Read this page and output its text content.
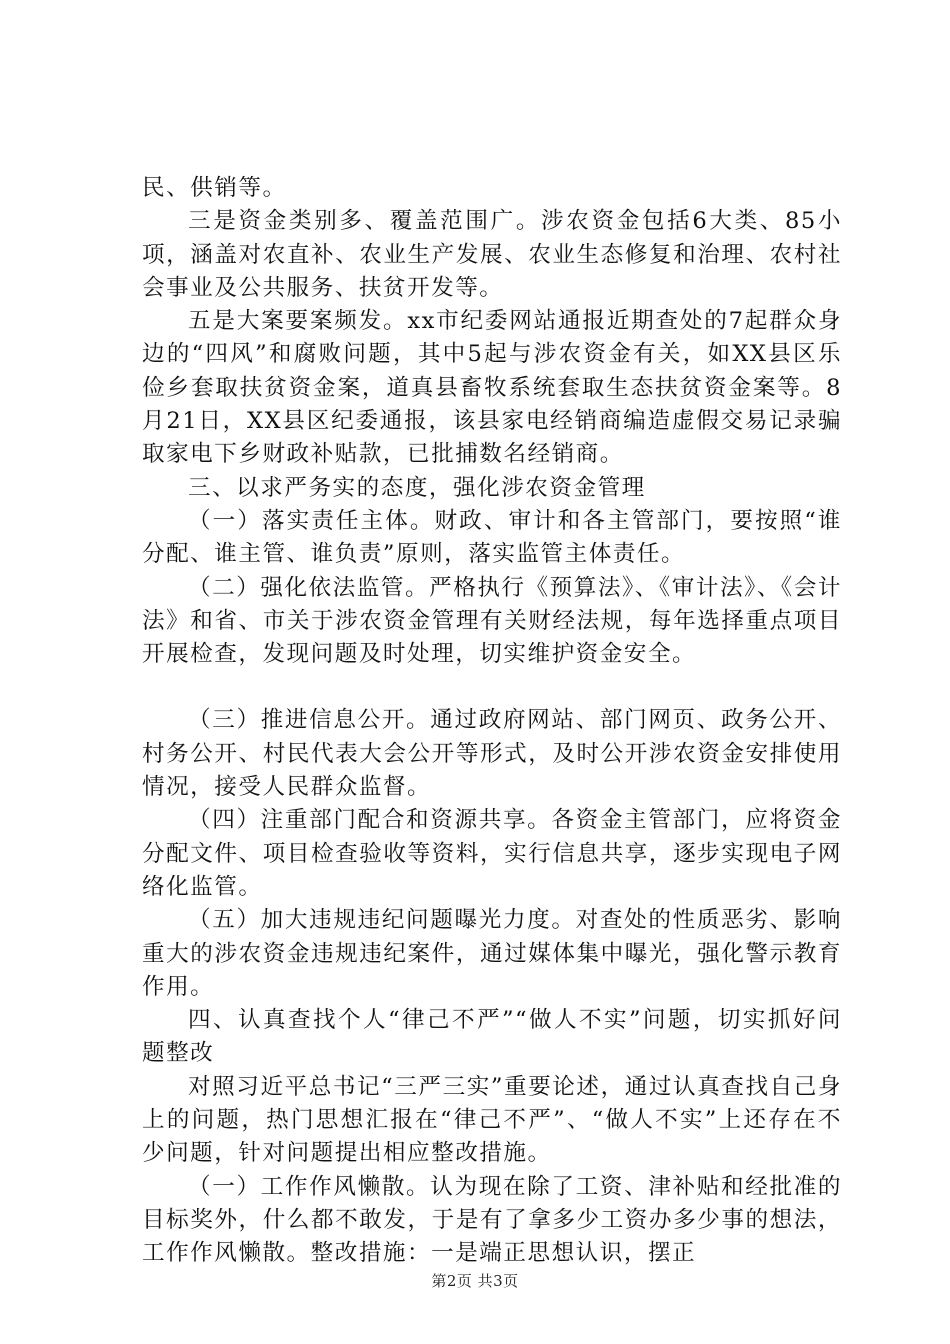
民、供销等。

三是资金类别多、覆盖范围广。涉农资金包括6大类、85小项，涵盖对农直补、农业生产发展、农业生态修复和治理、农村社会事业及公共服务、扶贫开发等。

五是大案要案频发。xx市纪委网站通报近期查处的7起群众身边的“四风”和腐败问题，其中5起与涉农资金有关，如XX县区乐俭乡套取扶贫资金案，道真县畜牧系统套取生态扶贫资金案等。8月21日，XX县区纪委通报，该县家电经销商编造虚假交易记录骗取家电下乡财政补贴款，已批捕数名经销商。

三、以求严务实的态度，强化涉农资金管理

（一）落实责任主体。财政、审计和各主管部门，要按照“谁分配、谁主管、谁负责”原则，落实监管主体责任。

（二）强化依法监管。严格执行《预算法》、《审计法》、《会计法》和省、市关于涉农资金管理有关财经法规，每年选择重点项目开展检查，发现问题及时处理，切实维护资金安全。

（三）推进信息公开。通过政府网站、部门网页、政务公开、村务公开、村民代表大会公开等形式，及时公开涉农资金安排使用情况，接受人民群众监督。

（四）注重部门配合和资源共享。各资金主管部门，应将资金分配文件、项目检查验收等资料，实行信息共享，逐步实现电子网络化监管。

（五）加大违规违纪问题曝光力度。对查处的性质恶劣、影响重大的涉农资金违规违纪案件，通过媒体集中曝光，强化警示教育作用。

四、认真查找个人“律己不严”“做人不实”问题，切实抓好问题整改

对照习近平总书记“三严三实”重要论述，通过认真查找自己身上的问题，热门思想汇报在“律己不严”、“做人不实”上还存在不少问题，针对问题提出相应整改措施。

（一）工作作风懒散。认为现在除了工资、津补贴和经批准的目标奖外，什么都不敢发，于是有了拿多少工资办多少事的想法，工作作风懒散。整改措施：一是端正思想认识，摆正

第2页 共3页
